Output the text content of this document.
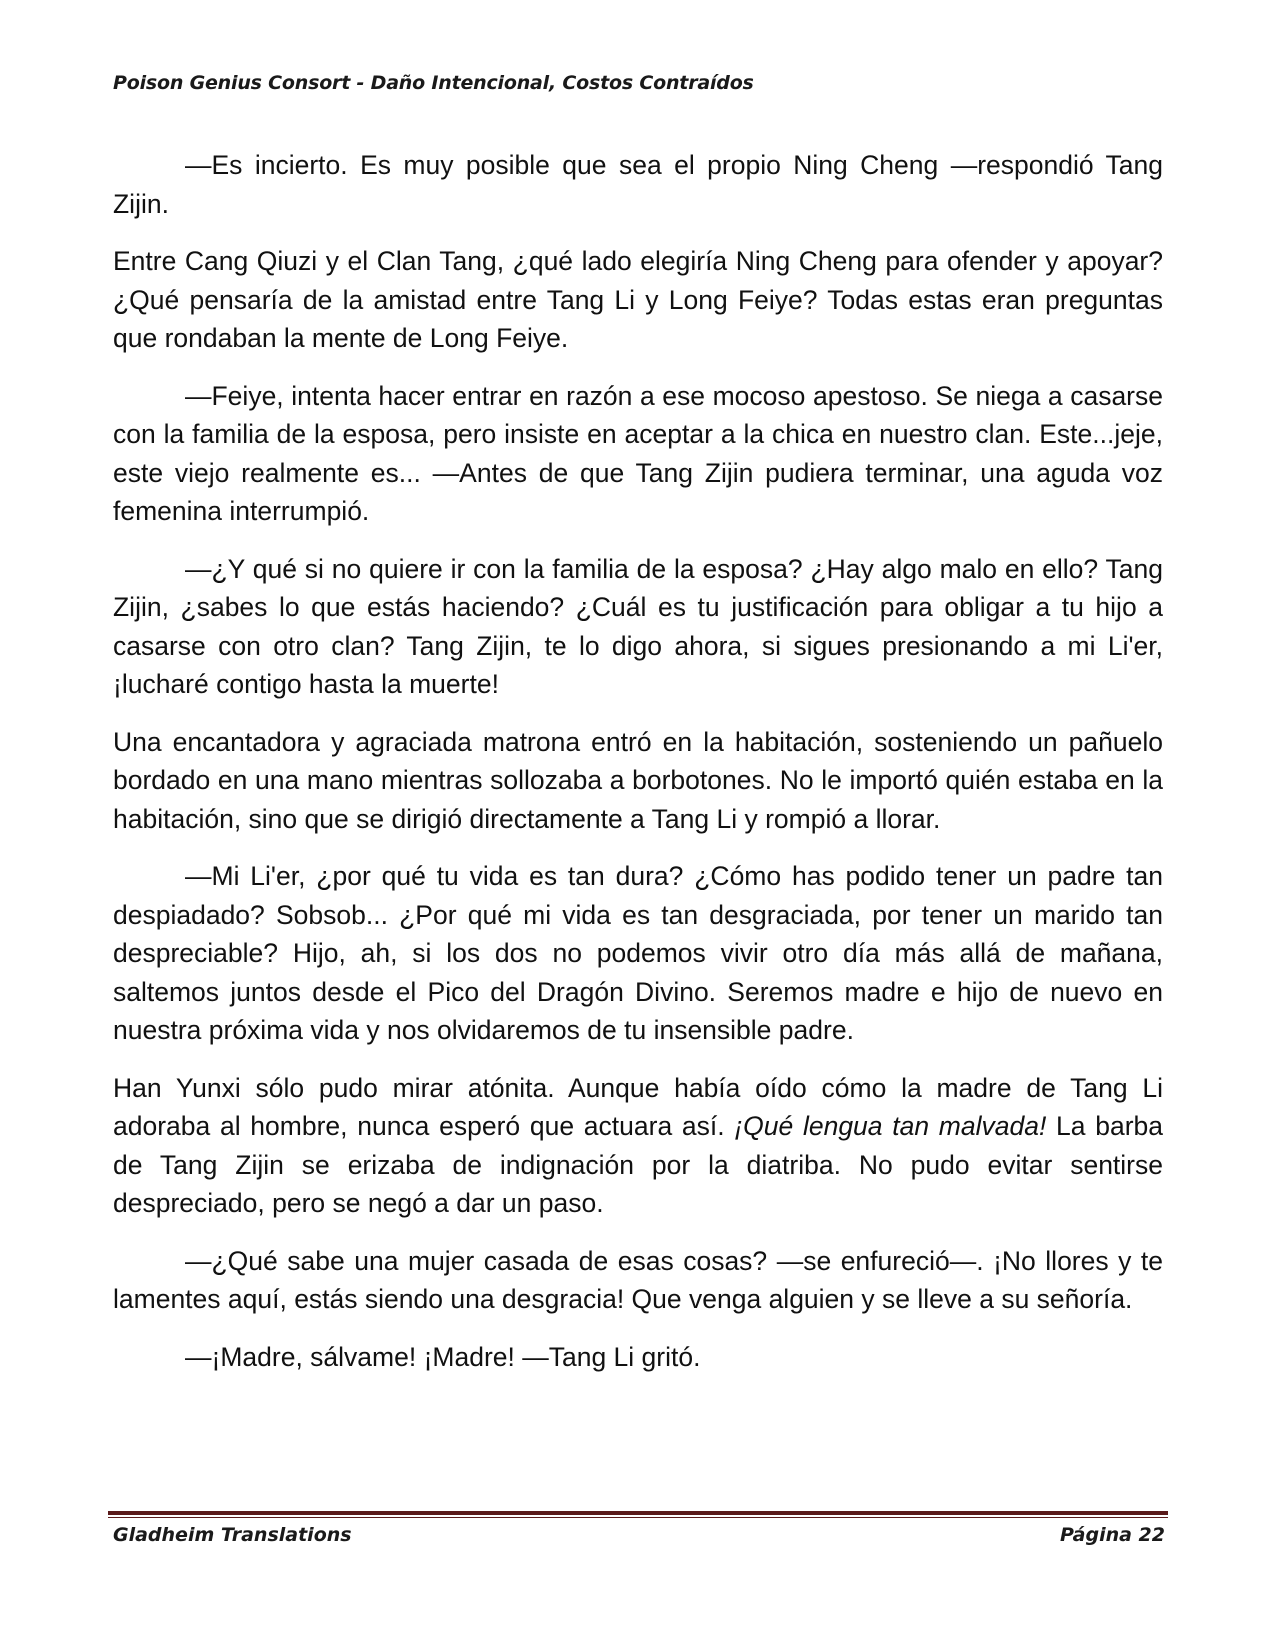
Poison Genius Consort - Daño Intencional, Costos Contraídos

—Es incierto. Es muy posible que sea el propio Ning Cheng —respondió Tang Zijin.

Entre Cang Qiuzi y el Clan Tang, ¿qué lado elegiría Ning Cheng para ofender y apoyar? ¿Qué pensaría de la amistad entre Tang Li y Long Feiye? Todas estas eran preguntas que rondaban la mente de Long Feiye.

—Feiye, intenta hacer entrar en razón a ese mocoso apestoso. Se niega a casarse con la familia de la esposa, pero insiste en aceptar a la chica en nuestro clan. Este...jeje, este viejo realmente es... —Antes de que Tang Zijin pudiera terminar, una aguda voz femenina interrumpió.

—¿Y qué si no quiere ir con la familia de la esposa? ¿Hay algo malo en ello? Tang Zijin, ¿sabes lo que estás haciendo? ¿Cuál es tu justificación para obligar a tu hijo a casarse con otro clan? Tang Zijin, te lo digo ahora, si sigues presionando a mi Li'er, ¡lucharé contigo hasta la muerte!

Una encantadora y agraciada matrona entró en la habitación, sosteniendo un pañuelo bordado en una mano mientras sollozaba a borbotones. No le importó quién estaba en la habitación, sino que se dirigió directamente a Tang Li y rompió a llorar.

—Mi Li'er, ¿por qué tu vida es tan dura? ¿Cómo has podido tener un padre tan despiadado? Sobsob... ¿Por qué mi vida es tan desgraciada, por tener un marido tan despreciable? Hijo, ah, si los dos no podemos vivir otro día más allá de mañana, saltemos juntos desde el Pico del Dragón Divino. Seremos madre e hijo de nuevo en nuestra próxima vida y nos olvidaremos de tu insensible padre.

Han Yunxi sólo pudo mirar atónita. Aunque había oído cómo la madre de Tang Li adoraba al hombre, nunca esperó que actuara así. ¡Qué lengua tan malvada! La barba de Tang Zijin se erizaba de indignación por la diatriba. No pudo evitar sentirse despreciado, pero se negó a dar un paso.

—¿Qué sabe una mujer casada de esas cosas? —se enfureció—. ¡No llores y te lamentes aquí, estás siendo una desgracia! Que venga alguien y se lleve a su señoría.

—¡Madre, sálvame! ¡Madre! —Tang Li gritó.

Gladheim Translations	Página 22
